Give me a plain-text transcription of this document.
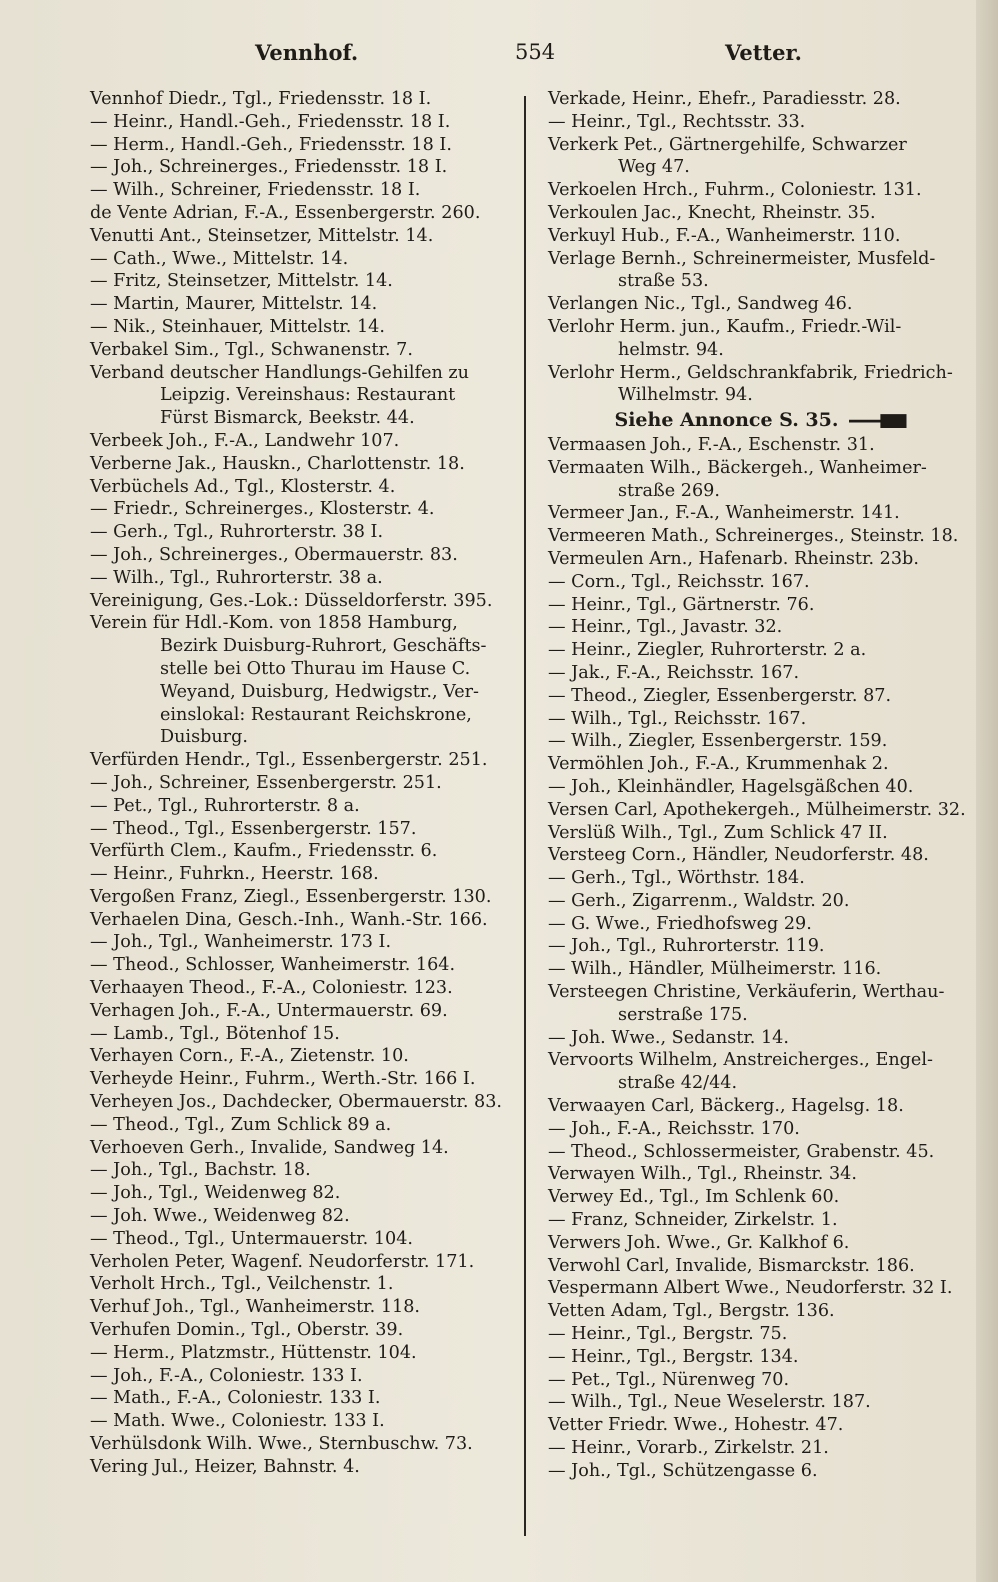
Vennhof.	554	Vetter.
Vennhof Diedr., Tgl., Friedensstr. 18 I.
— Heinr., Handl.-Geh., Friedensstr. 18 I.
— Herm., Handl.-Geh., Friedensstr. 18 I.
— Joh., Schreinerges., Friedensstr. 18 I.
— Wilh., Schreiner, Friedensstr. 18 I.
de Vente Adrian, F.-A., Essenbergerstr. 260.
Venutti Ant., Steinsetzer, Mittelstr. 14.
— Cath., Wwe., Mittelstr. 14.
— Fritz, Steinsetzer, Mittelstr. 14.
— Martin, Maurer, Mittelstr. 14.
— Nik., Steinhauer, Mittelstr. 14.
Verbakel Sim., Tgl., Schwanenstr. 7.
Verband deutscher Handlungs-Gehilfen zu
Leipzig. Vereinshaus: Restaurant
Fürst Bismarck, Beekstr. 44.
Verbeek Joh., F.-A., Landwehr 107.
Verberne Jak., Hauskn., Charlottenstr. 18.
Verbüchels Ad., Tgl., Klosterstr. 4.
— Friedr., Schreinerges., Klosterstr. 4.
— Gerh., Tgl., Ruhrorterstr. 38 I.
— Joh., Schreinerges., Obermauerstr. 83.
— Wilh., Tgl., Ruhrorterstr. 38 a.
Vereinigung, Ges.-Lok.: Düsseldorferstr. 395.
Verein für Hdl.-Kom. von 1858 Hamburg,
Bezirk Duisburg-Ruhrort, Geschäfts-
stelle bei Otto Thurau im Hause C.
Weyand, Duisburg, Hedwigstr., Ver-
einslokal: Restaurant Reichskrone,
Duisburg.
Verfürden Hendr., Tgl., Essenbergerstr. 251.
— Joh., Schreiner, Essenbergerstr. 251.
— Pet., Tgl., Ruhrorterstr. 8 a.
— Theod., Tgl., Essenbergerstr. 157.
Verfürth Clem., Kaufm., Friedensstr. 6.
— Heinr., Fuhrkn., Heerstr. 168.
Vergoßen Franz, Ziegl., Essenbergerstr. 130.
Verhaelen Dina, Gesch.-Inh., Wanh.-Str. 166.
— Joh., Tgl., Wanheimerstr. 173 I.
— Theod., Schlosser, Wanheimerstr. 164.
Verhaayen Theod., F.-A., Coloniestr. 123.
Verhagen Joh., F.-A., Untermauerstr. 69.
— Lamb., Tgl., Bötenhof 15.
Verhayen Corn., F.-A., Zietenstr. 10.
Verheyde Heinr., Fuhrm., Werth.-Str. 166 I.
Verheyen Jos., Dachdecker, Obermauerstr. 83.
— Theod., Tgl., Zum Schlick 89 a.
Verhoeven Gerh., Invalide, Sandweg 14.
— Joh., Tgl., Bachstr. 18.
— Joh., Tgl., Weidenweg 82.
— Joh. Wwe., Weidenweg 82.
— Theod., Tgl., Untermauerstr. 104.
Verholen Peter, Wagenf. Neudorferstr. 171.
Verholt Hrch., Tgl., Veilchenstr. 1.
Verhuf Joh., Tgl., Wanheimerstr. 118.
Verhufen Domin., Tgl., Oberstr. 39.
— Herm., Platzmstr., Hüttenstr. 104.
— Joh., F.-A., Coloniestr. 133 I.
— Math., F.-A., Coloniestr. 133 I.
— Math. Wwe., Coloniestr. 133 I.
Verhülsdonk Wilh. Wwe., Sternbuschw. 73.
Vering Jul., Heizer, Bahnstr. 4.
Verkade, Heinr., Ehefr., Paradiesstr. 28.
— Heinr., Tgl., Rechtsstr. 33.
Verkerk Pet., Gärtnergehilfe, Schwarzer
Weg 47.
Verkoelen Hrch., Fuhrm., Coloniestr. 131.
Verkoulen Jac., Knecht, Rheinstr. 35.
Verkuyl Hub., F.-A., Wanheimerstr. 110.
Verlage Bernh., Schreinermeister, Musfeld-
straße 53.
Verlangen Nic., Tgl., Sandweg 46.
Verlohr Herm. jun., Kaufm., Friedr.-Wil-
helmstr. 94.
Verlohr Herm., Geldschrankfabrik, Friedrich-
Wilhelmstr. 94.
Siehe Annonce S. 35.
Vermaasen Joh., F.-A., Eschenstr. 31.
Vermaaten Wilh., Bäckergeh., Wanheimer-
straße 269.
Vermeer Jan., F.-A., Wanheimerstr. 141.
Vermeeren Math., Schreinerges., Steinstr. 18.
Vermeulen Arn., Hafenarb. Rheinstr. 23b.
— Corn., Tgl., Reichsstr. 167.
— Heinr., Tgl., Gärtnerstr. 76.
— Heinr., Tgl., Javastr. 32.
— Heinr., Ziegler, Ruhrorterstr. 2 a.
— Jak., F.-A., Reichsstr. 167.
— Theod., Ziegler, Essenbergerstr. 87.
— Wilh., Tgl., Reichsstr. 167.
— Wilh., Ziegler, Essenbergerstr. 159.
Vermöhlen Joh., F.-A., Krummenhak 2.
— Joh., Kleinhändler, Hagelsgäßchen 40.
Versen Carl, Apothekergeh., Mülheimerstr. 32.
Verslüß Wilh., Tgl., Zum Schlick 47 II.
Versteeg Corn., Händler, Neudorferstr. 48.
— Gerh., Tgl., Wörthstr. 184.
— Gerh., Zigarrenm., Waldstr. 20.
— G. Wwe., Friedhofsweg 29.
— Joh., Tgl., Ruhrorterstr. 119.
— Wilh., Händler, Mülheimerstr. 116.
Versteegen Christine, Verkäuferin, Werthau-
serstraße 175.
— Joh. Wwe., Sedanstr. 14.
Vervoorts Wilhelm, Anstreicherges., Engel-
straße 42/44.
Verwaayen Carl, Bäckerg., Hagelsg. 18.
— Joh., F.-A., Reichsstr. 170.
— Theod., Schlossermeister, Grabenstr. 45.
Verwayen Wilh., Tgl., Rheinstr. 34.
Verwey Ed., Tgl., Im Schlenk 60.
— Franz, Schneider, Zirkelstr. 1.
Verwers Joh. Wwe., Gr. Kalkhof 6.
Verwohl Carl, Invalide, Bismarckstr. 186.
Vespermann Albert Wwe., Neudorferstr. 32 I.
Vetten Adam, Tgl., Bergstr. 136.
— Heinr., Tgl., Bergstr. 75.
— Heinr., Tgl., Bergstr. 134.
— Pet., Tgl., Nürenweg 70.
— Wilh., Tgl., Neue Weselerstr. 187.
Vetter Friedr. Wwe., Hohestr. 47.
— Heinr., Vorarb., Zirkelstr. 21.
— Joh., Tgl., Schützengasse 6.
